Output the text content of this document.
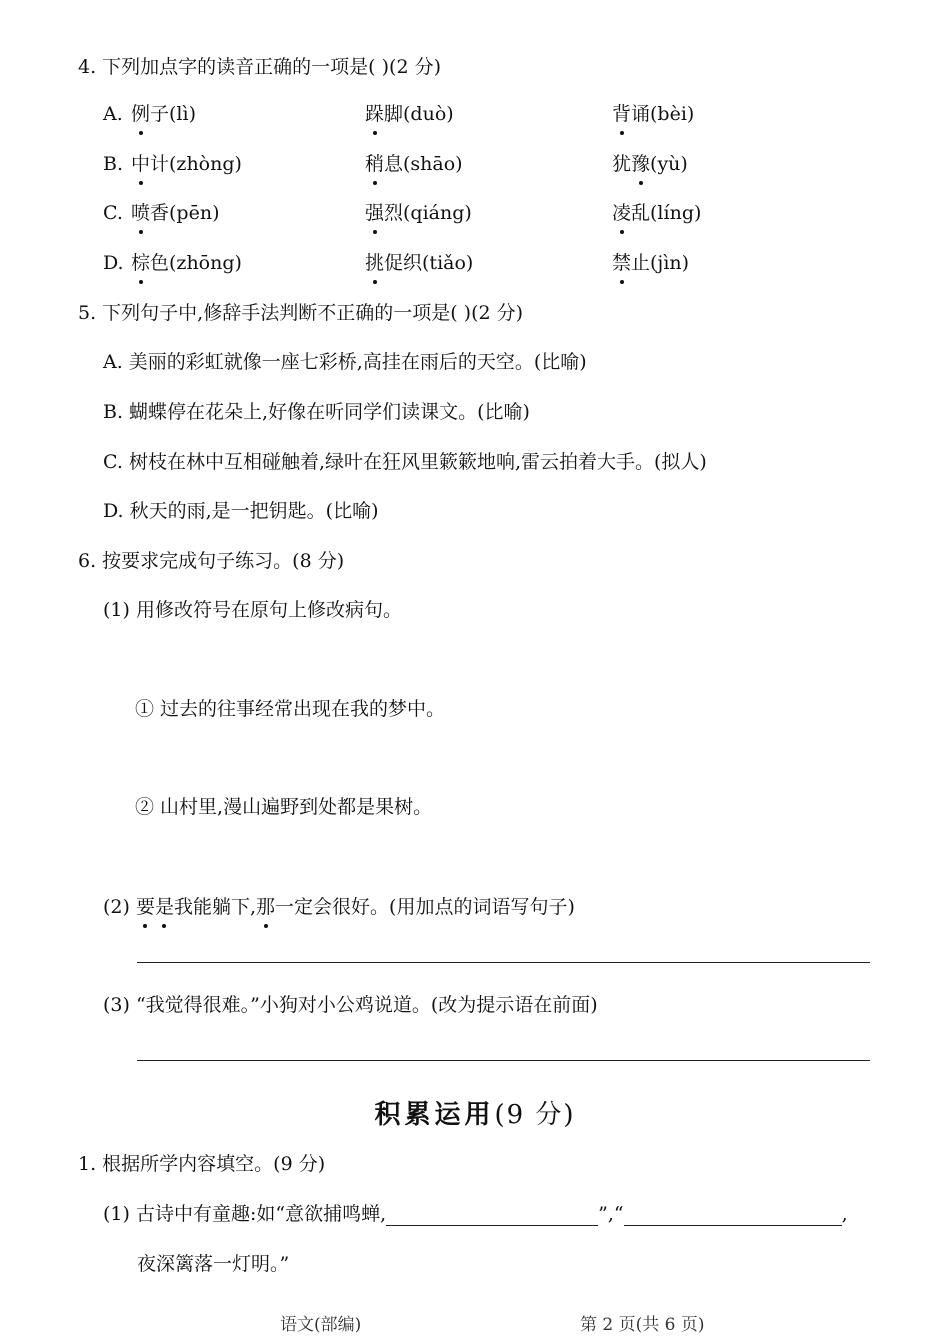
4. 下列加点字的读音正确的一项是( )(2 分)
A. 例子(lì)	跺脚(duò)	背诵(bèi)
B. 中计(zhòng)	稍息(shāo)	犹豫(yù)
C. 喷香(pēn)	强烈(qiáng)	凌乱(líng)
D. 棕色(zhōng)	挑促织(tiǎo)	禁止(jìn)
5. 下列句子中,修辞手法判断不正确的一项是( )(2 分)
A. 美丽的彩虹就像一座七彩桥,高挂在雨后的天空。(比喻)
B. 蝴蝶停在花朵上,好像在听同学们读课文。(比喻)
C. 树枝在林中互相碰触着,绿叶在狂风里簌簌地响,雷云拍着大手。(拟人)
D. 秋天的雨,是一把钥匙。(比喻)
6. 按要求完成句子练习。(8 分)
(1) 用修改符号在原句上修改病句。
① 过去的往事经常出现在我的梦中。
② 山村里,漫山遍野到处都是果树。
(2) 要是我能躺下,那一定会很好。(用加点的词语写句子)
(3) “我觉得很难。”小狗对小公鸡说道。(改为提示语在前面)
积累运用(9 分)
1. 根据所学内容填空。(9 分)
(1) 古诗中有童趣:如“意欲捕鸣蝉,	”,“	,
夜深篱落一灯明。”
语文(部编)	第 2 页(共 6 页)
